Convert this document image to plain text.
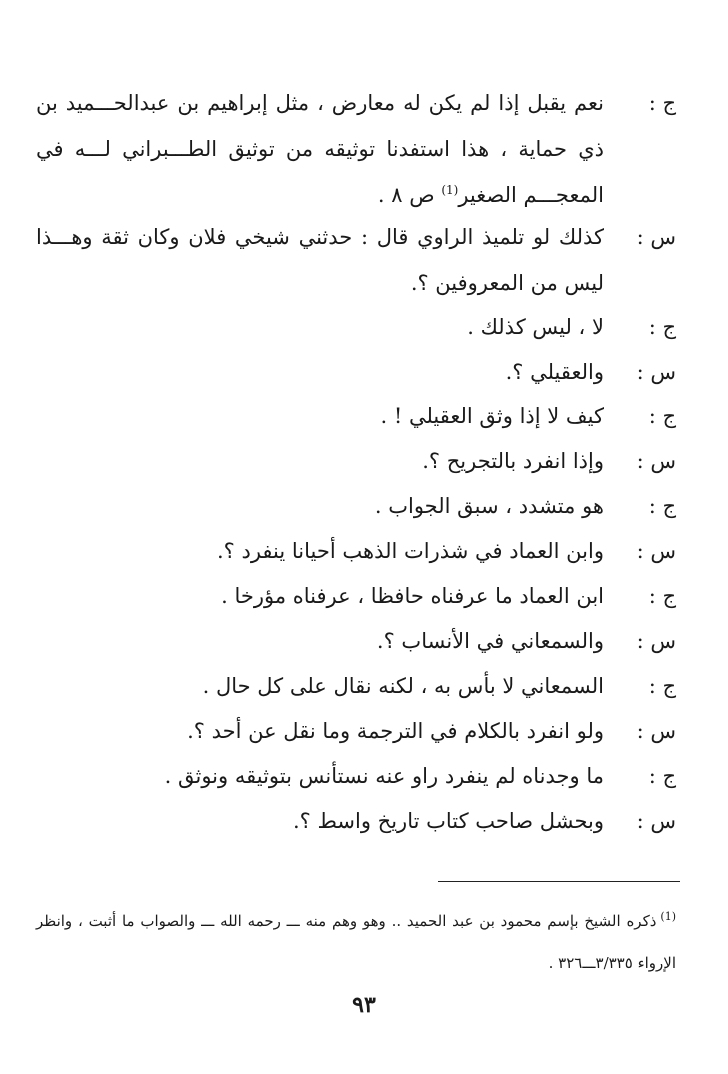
ج :
نعم يقبل إذا لم يكن له معارض ، مثل إبراهيم بن عبدالحـــميد بن ذي حماية ، هذا استفدنا توثيقه من توثيق الطـــبراني لـــه في المعجـــم الصغير$^{(1)}$ ص ٨ .
س :
كذلك لو تلميذ الراوي قال : حدثني شيخي فلان وكان ثقة وهـــذا ليس من المعروفين ؟.
ج :
لا ، ليس كذلك .
س :
والعقيلي ؟.
ج :
كيف لا إذا وثق العقيلي ! .
س :
وإذا انفرد بالتجريح ؟.
ج :
هو متشدد ، سبق الجواب .
س :
وابن العماد في شذرات الذهب أحيانا ينفرد ؟.
ج :
ابن العماد ما عرفناه حافظا ، عرفناه مؤرخا .
س :
والسمعاني في الأنساب ؟.
ج :
السمعاني لا بأس به ، لكنه نقال على كل حال .
س :
ولو انفرد بالكلام في الترجمة وما نقل عن أحد ؟.
ج :
ما وجدناه لم ينفرد راو عنه نستأنس بتوثيقه ونوثق .
س :
وبحشل صاحب كتاب تاريخ واسط ؟.
$^{(1)}$ذكره الشيخ بإسم محمود بن عبد الحميد .. وهو وهم منه ـــ رحمه الله ـــ والصواب ما أثبت ، وانظر الإرواء ٣/٣٣٥ـــ٣٢٦ .
٩٣
